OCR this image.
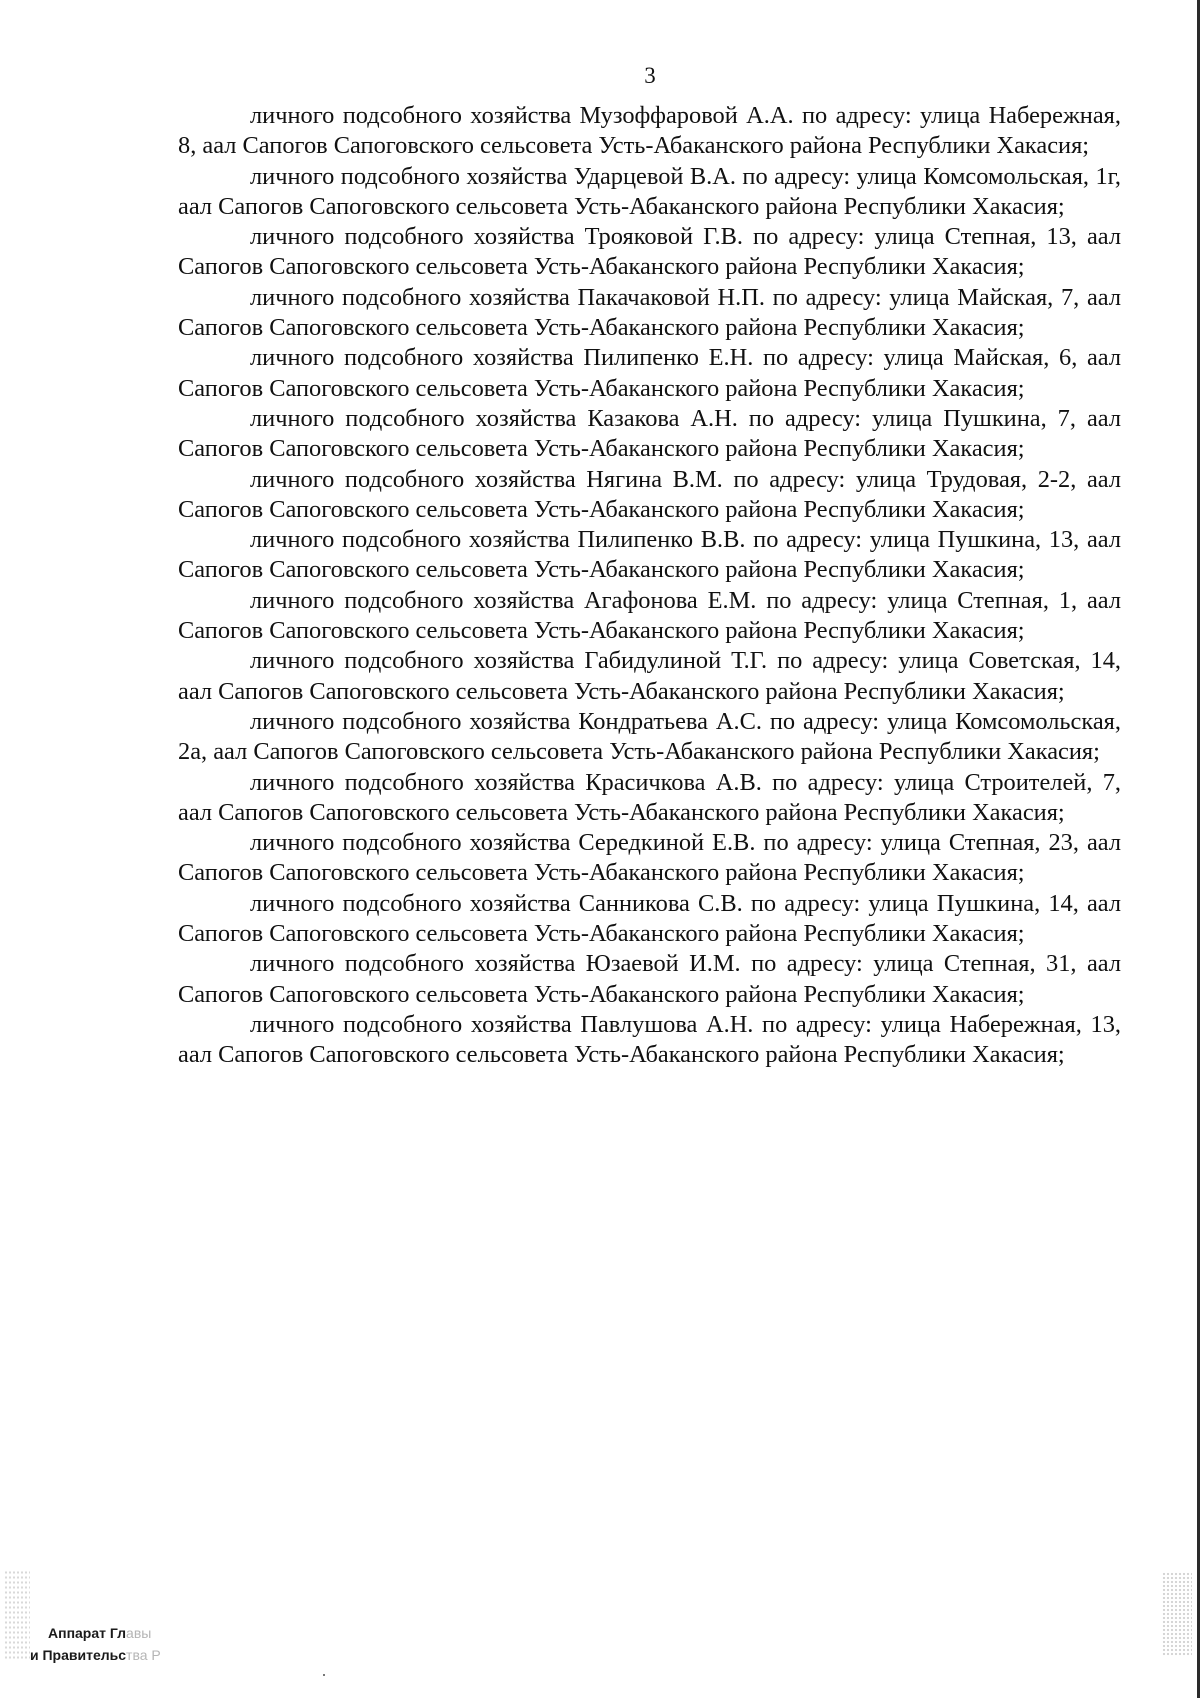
3

личного подсобного хозяйства Музоффаровой А.А. по адресу: улица Набережная, 8, аал Сапогов Сапоговского сельсовета Усть-Абаканского района Республики Хакасия;

личного подсобного хозяйства Ударцевой В.А. по адресу: улица Комсомольская, 1г, аал Сапогов Сапоговского сельсовета Усть-Абаканского района Республики Хакасия;

личного подсобного хозяйства Трояковой Г.В. по адресу: улица Степная, 13, аал Сапогов Сапоговского сельсовета Усть-Абаканского района Республики Хакасия;

личного подсобного хозяйства Пакачаковой Н.П. по адресу: улица Майская, 7, аал Сапогов Сапоговского сельсовета Усть-Абаканского района Республики Хакасия;

личного подсобного хозяйства Пилипенко Е.Н. по адресу: улица Майская, 6, аал Сапогов Сапоговского сельсовета Усть-Абаканского района Республики Хакасия;

личного подсобного хозяйства Казакова А.Н. по адресу: улица Пушкина, 7, аал Сапогов Сапоговского сельсовета Усть-Абаканского района Республики Хакасия;

личного подсобного хозяйства Нягина В.М. по адресу: улица Трудовая, 2-2, аал Сапогов Сапоговского сельсовета Усть-Абаканского района Республики Хакасия;

личного подсобного хозяйства Пилипенко В.В. по адресу: улица Пушкина, 13, аал Сапогов Сапоговского сельсовета Усть-Абаканского района Республики Хакасия;

личного подсобного хозяйства Агафонова Е.М. по адресу: улица Степная, 1, аал Сапогов Сапоговского сельсовета Усть-Абаканского района Республики Хакасия;

личного подсобного хозяйства Габидулиной Т.Г. по адресу: улица Советская, 14, аал Сапогов Сапоговского сельсовета Усть-Абаканского района Республики Хакасия;

личного подсобного хозяйства Кондратьева А.С. по адресу: улица Комсомольская, 2а, аал Сапогов Сапоговского сельсовета Усть-Абаканского района Республики Хакасия;

личного подсобного хозяйства Красичкова А.В. по адресу: улица Строителей, 7, аал Сапогов Сапоговского сельсовета Усть-Абаканского района Республики Хакасия;

личного подсобного хозяйства Середкиной Е.В. по адресу: улица Степная, 23, аал Сапогов Сапоговского сельсовета Усть-Абаканского района Республики Хакасия;

личного подсобного хозяйства Санникова С.В. по адресу: улица Пушкина, 14, аал Сапогов Сапоговского сельсовета Усть-Абаканского района Республики Хакасия;

личного подсобного хозяйства Юзаевой И.М. по адресу: улица Степная, 31, аал Сапогов Сапоговского сельсовета Усть-Абаканского района Республики Хакасия;

личного подсобного хозяйства Павлушова А.Н. по адресу: улица Набережная, 13, аал Сапогов Сапоговского сельсовета Усть-Абаканского района Республики Хакасия;

Аппарат Главы
и Правительства Р
